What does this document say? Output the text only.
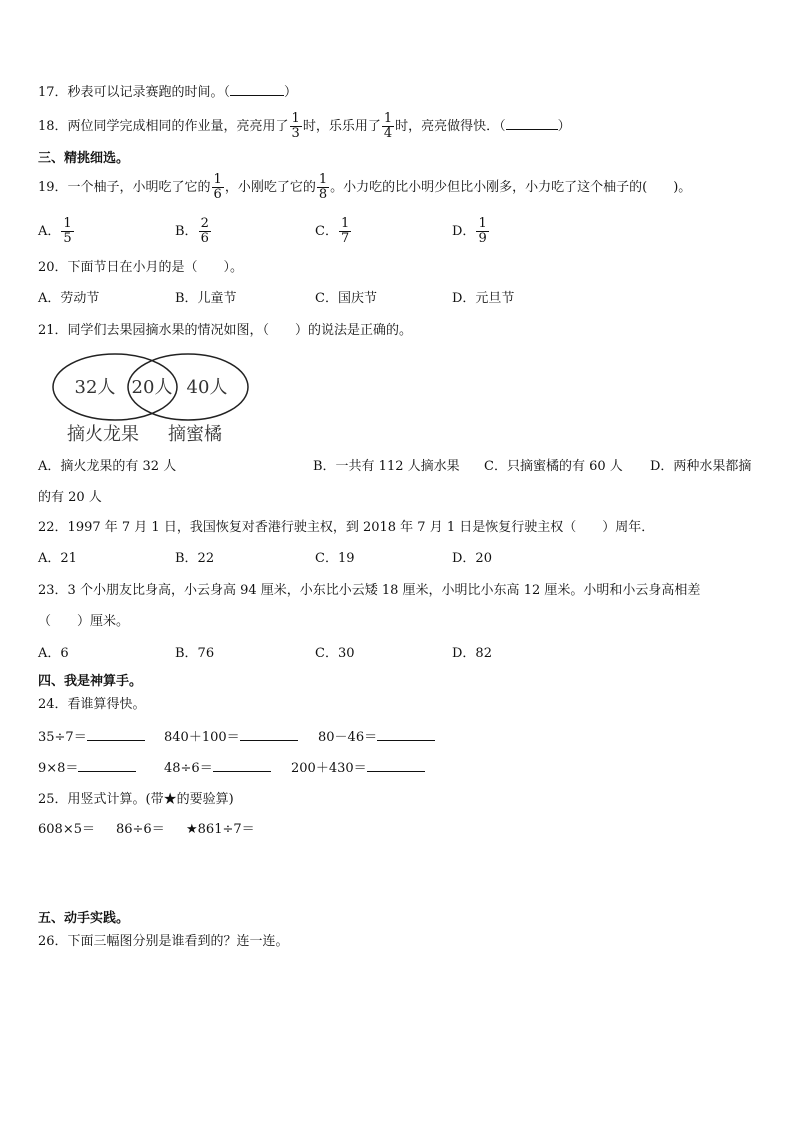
17．秒表可以记录赛跑的时间。（	）
18．两位同学完成相同的作业量，亮亮用了 $\frac{1}{3}$ 时，乐乐用了 $\frac{1}{4}$ 时，亮亮做得快．（	）
三、精挑细选。
19．一个柚子，小明吃了它的 $\frac{1}{6}$ ，小刚吃了它的 $\frac{1}{8}$ 。小力吃的比小明少但比小刚多，小力吃了这个柚子的(　　)。
A． $\frac{1}{5}$	B． $\frac{2}{6}$	C． $\frac{1}{7}$	D． $\frac{1}{9}$
20．下面节日在小月的是（　　）。
A．劳动节	B．儿童节	C．国庆节	D．元旦节
21．同学们去果园摘水果的情况如图，（　　）的说法是正确的。
32人 20人 40人
摘火龙果 摘蜜橘
A．摘火龙果的有 32 人	B．一共有 112 人摘水果 C．只摘蜜橘的有 60 人 D．两种水果都摘
的有 20 人
22．1997 年 7 月 1 日，我国恢复对香港行驶主权，到 2018 年 7 月 1 日是恢复行驶主权（　　）周年．
A．21	B．22	C．19	D．20
23．3 个小朋友比身高，小云身高 94 厘米，小东比小云矮 18 厘米，小明比小东高 12 厘米。小明和小云身高相差
（　　）厘米。
A．6	B．76	C．30	D．82
四、我是神算手。
24．看谁算得快。
35÷7＝	840＋100＝	80－46＝
9×8＝	48÷6＝	200＋430＝
25．用竖式计算。(带★的要验算)
608×5＝ 86÷6＝ ★861÷7＝
五、动手实践。
26．下面三幅图分别是谁看到的？连一连。
